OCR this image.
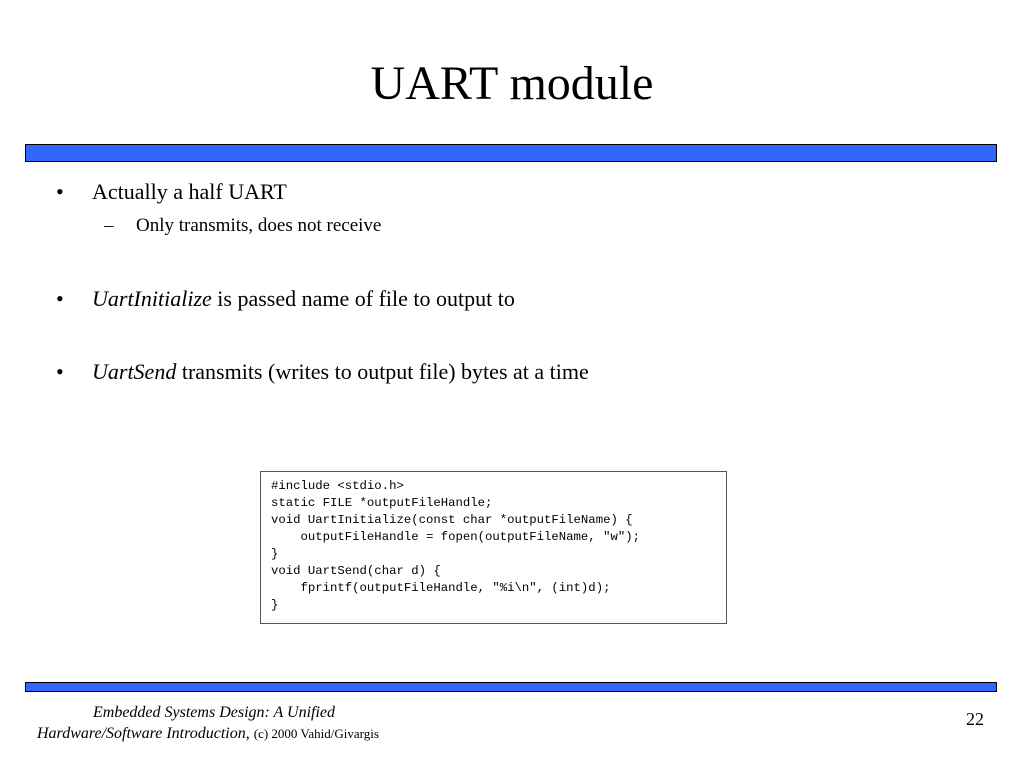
UART module
• Actually a half UART
– Only transmits, does not receive
• UartInitialize is passed name of file to output to
• UartSend transmits (writes to output file) bytes at a time
#include <stdio.h>
static FILE *outputFileHandle;
void UartInitialize(const char *outputFileName) {
outputFileHandle = fopen(outputFileName, "w");
}
void UartSend(char d) {
fprintf(outputFileHandle, "%i\n", (int)d);
}
Embedded Systems Design: A Unified
Hardware/Software Introduction, (c) 2000 Vahid/Givargis
22
